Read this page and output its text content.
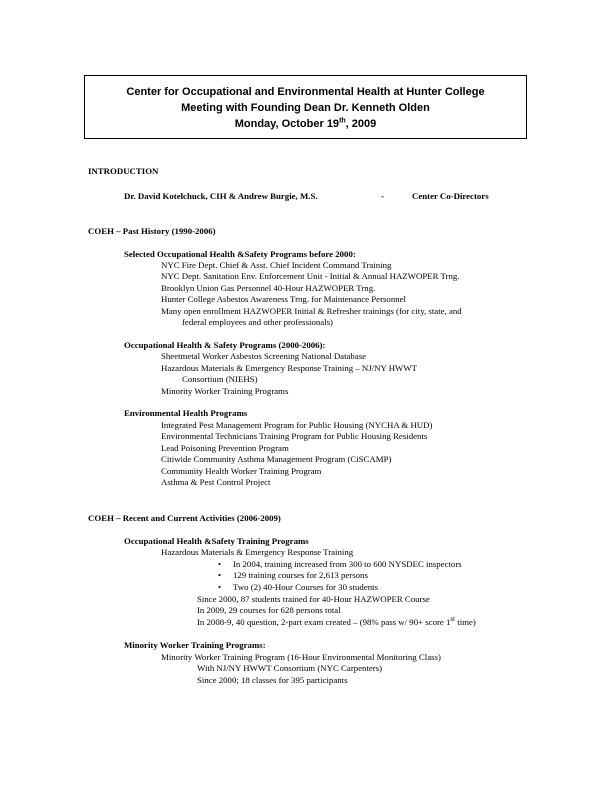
Center for Occupational and Environmental Health at Hunter College
Meeting with Founding Dean Dr. Kenneth Olden
Monday, October 19th, 2009
INTRODUCTION
Dr. David Kotelchuck, CIH & Andrew Burgie, M.S.	-	Center Co-Directors
COEH – Past History (1990-2006)
Selected Occupational Health &Safety Programs before 2000:
NYC Fire Dept. Chief & Asst. Chief Incident Command Training
NYC Dept. Sanitation Env. Enforcement Unit - Initial & Annual HAZWOPER Trng.
Brooklyn Union Gas Personnel 40-Hour HAZWOPER Trng.
Hunter College Asbestos Awareness Trng. for Maintenance Personnel
Many open enrollment HAZWOPER Initial & Refresher trainings (for city, state, and
federal employees and other professionals)
Occupational Health & Safety Programs (2000-2006):
Sheetmetal Worker Asbestos Screening National Database
Hazardous Materials & Emergency Response Training – NJ/NY HWWT
Consortium (NIEHS)
Minority Worker Training Programs
Environmental Health Programs
Integrated Pest Management Program for Public Housing (NYCHA & HUD)
Environmental Technicians Training Program for Public Housing Residents
Lead Poisoning Prevention Program
Citiwide Community Asthma Management Program (CiSCAMP)
Community Health Worker Training Program
Asthma & Pest Control Project
COEH – Recent and Current Activities (2006-2009)
Occupational Health &Safety Training Programs
Hazardous Materials & Emergency Response Training
• In 2004, training increased from 300 to 600 NYSDEC inspectors
• 129 training courses for 2,613 persons
• Two (2) 40-Hour Courses for 30 students
Since 2000, 87 students trained for 40-Hour HAZWOPER Course
In 2009, 29 courses for 628 persons total
In 2008-9, 40 question, 2-part exam created – (98% pass w/ 90+ score 1st time)
Minority Worker Training Programs:
Minority Worker Training Program (16-Hour Environmental Monitoring Class)
With NJ/NY HWWT Consortium (NYC Carpenters)
Since 2000; 18 classes for 395 participants
